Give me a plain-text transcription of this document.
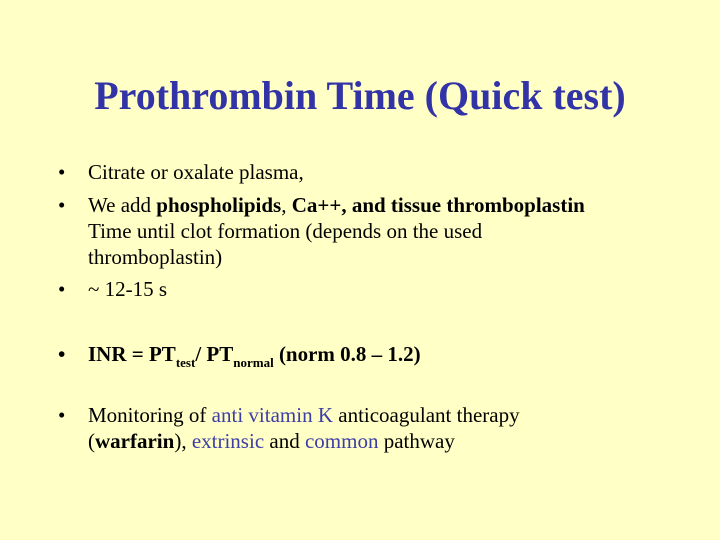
Prothrombin Time (Quick test)
• Citrate or oxalate plasma,
• We add phospholipids, Ca++, and tissue thromboplastin
Time until clot formation (depends on the used
thromboplastin)
• ~ 12-15 s
• INR = $PT_{test}/$ $PT_{normal}$ (norm 0.8 – 1.2)
• Monitoring of anti vitamin K anticoagulant therapy
(warfarin), extrinsic and common pathway
